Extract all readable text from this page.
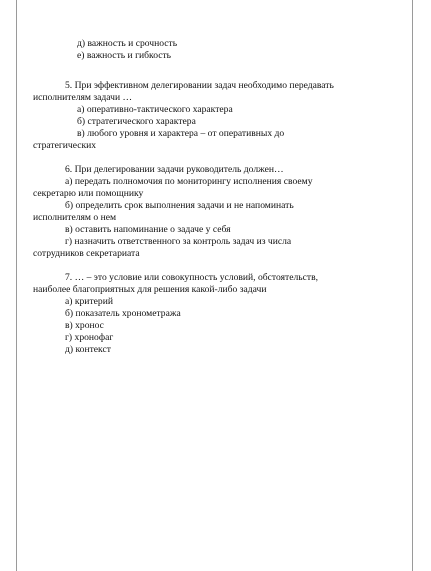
д) важность и срочность
е) важность и гибкость
5. При эффективном делегировании задач необходимо передавать
исполнителям задачи …
а) оперативно-тактического характера
б) стратегического характера
в) любого уровня и характера – от оперативных до
стратегических
6. При делегировании задачи руководитель должен…
а) передать полномочия по мониторингу исполнения своему
секретарю или помощнику
б) определить срок выполнения задачи и не напоминать
исполнителям о нем
в) оставить напоминание о задаче у себя
г) назначить ответственного за контроль задач из числа
сотрудников секретариата
7. … – это условие или совокупность условий, обстоятельств,
наиболее благоприятных для решения какой-либо задачи
а) критерий
б) показатель хронометража
в) хронос
г) хронофаг
д) контекст
